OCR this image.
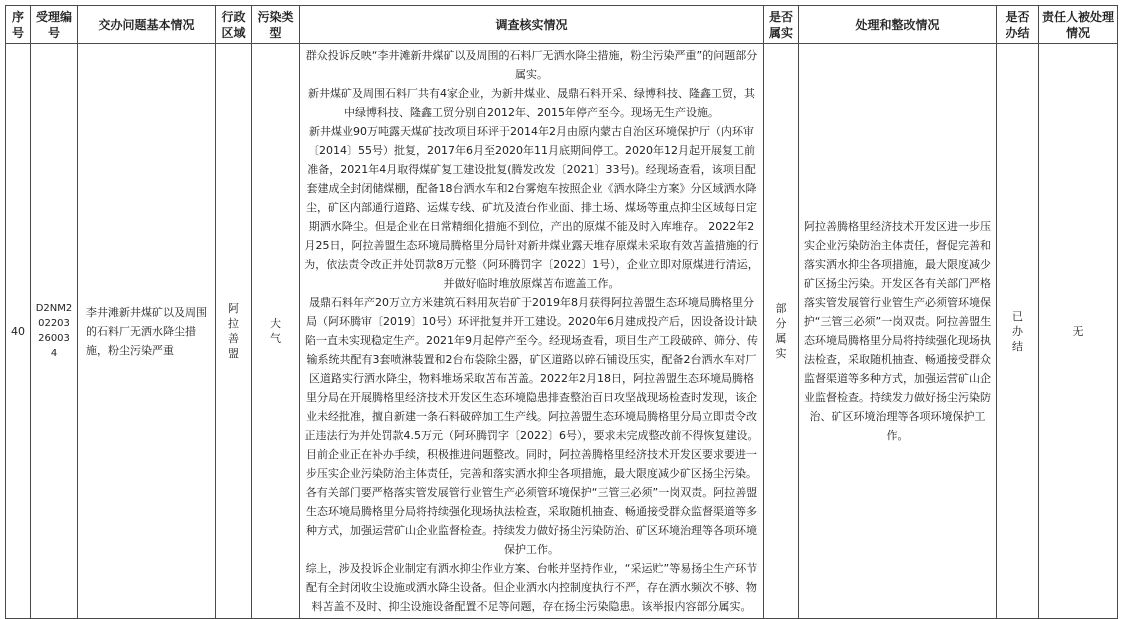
序号	受理编号	交办问题基本情况	行政区域	污染类型	调查核实情况	是否属实	处理和整改情况	是否办结	责任人被处理情况
40	D2NM202203260034	李井滩新井煤矿以及周围的石料厂无洒水降尘措施，粉尘污染严重	阿拉善盟	大气	群众投诉反映“李井滩新井煤矿以及周围的石料厂无洒水降尘措施，粉尘污染严重”的问题部分属实。

新井煤矿及周围石料厂共有4家企业，为新井煤业、晟鼎石料开采、绿博科技、隆鑫工贸，其中绿博科技、隆鑫工贸分别自2012年、2015年停产至今。现场无生产设施。

新井煤业90万吨露天煤矿技改项目环评于2014年2月由原内蒙古自治区环境保护厅（内环审〔2014〕55号）批复，2017年6月至2020年11月底期间停工。2020年12月起开展复工前准备，2021年4月取得煤矿复工建设批复(腾发改发〔2021〕33号)。经现场查看，该项目配套建成全封闭储煤棚，配备18台洒水车和2台雾炮车按照企业《洒水降尘方案》分区域洒水降尘，矿区内部通行道路、运煤专线、矿坑及渣台作业面、排土场、煤场等重点抑尘区域每日定期洒水降尘。但是企业在日常精细化措施不到位，产出的原煤不能及时入库堆存。 2022年2月25日，阿拉善盟生态环境局腾格里分局针对新井煤业露天堆存原煤未采取有效苫盖措施的行为，依法责令改正并处罚款8万元整（阿环腾罚字〔2022〕1号），企业立即对原煤进行清运，并做好临时堆放原煤苫布遮盖工作。

晟鼎石料年产20万立方米建筑石料用灰岩矿于2019年8月获得阿拉善盟生态环境局腾格里分局（阿环腾审〔2019〕10号）环评批复并开工建设。2020年6月建成投产后，因设备设计缺陷一直未实现稳定生产。2021年9月起停产至今。经现场查看，项目生产工段破碎、筛分、传输系统共配有3套喷淋装置和2台布袋除尘器，矿区道路以碎石铺设压实，配备2台洒水车对厂区道路实行洒水降尘，物料堆场采取苫布苫盖。2022年2月18日，阿拉善盟生态环境局腾格里分局在开展腾格里经济技术开发区生态环境隐患排查整治百日攻坚战现场检查时发现，该企业未经批准，擅自新建一条石料破碎加工生产线。阿拉善盟生态环境局腾格里分局立即责令改正违法行为并处罚款4.5万元（阿环腾罚字〔2022〕6号），要求未完成整改前不得恢复建设。目前企业正在补办手续，积极推进问题整改。同时，阿拉善腾格里经济技术开发区要求要进一步压实企业污染防治主体责任，完善和落实洒水抑尘各项措施，最大限度减少矿区扬尘污染。各有关部门要严格落实管发展管行业管生产必须管环境保护“三管三必须”一岗双责。阿拉善盟生态环境局腾格里分局将持续强化现场执法检查，采取随机抽查、畅通接受群众监督渠道等多种方式，加强运营矿山企业监督检查。持续发力做好扬尘污染防治、矿区环境治理等各项环境保护工作。

综上，涉及投诉企业制定有洒水抑尘作业方案、台帐并坚持作业，“采运贮”等易扬尘生产环节配有全封闭收尘设施或洒水降尘设备。但企业洒水内控制度执行不严，存在洒水频次不够、物料苫盖不及时、抑尘设施设备配置不足等问题，存在扬尘污染隐患。该举报内容部分属实。	部分属实	阿拉善腾格里经济技术开发区进一步压实企业污染防治主体责任，督促完善和落实洒水抑尘各项措施，最大限度减少矿区扬尘污染。开发区各有关部门严格落实管发展管行业管生产必须管环境保护“三管三必须”一岗双责。阿拉善盟生态环境局腾格里分局将持续强化现场执法检查，采取随机抽查、畅通接受群众监督渠道等多种方式，加强运营矿山企业监督检查。持续发力做好扬尘污染防治、矿区环境治理等各项环境保护工作。	已办结	无
